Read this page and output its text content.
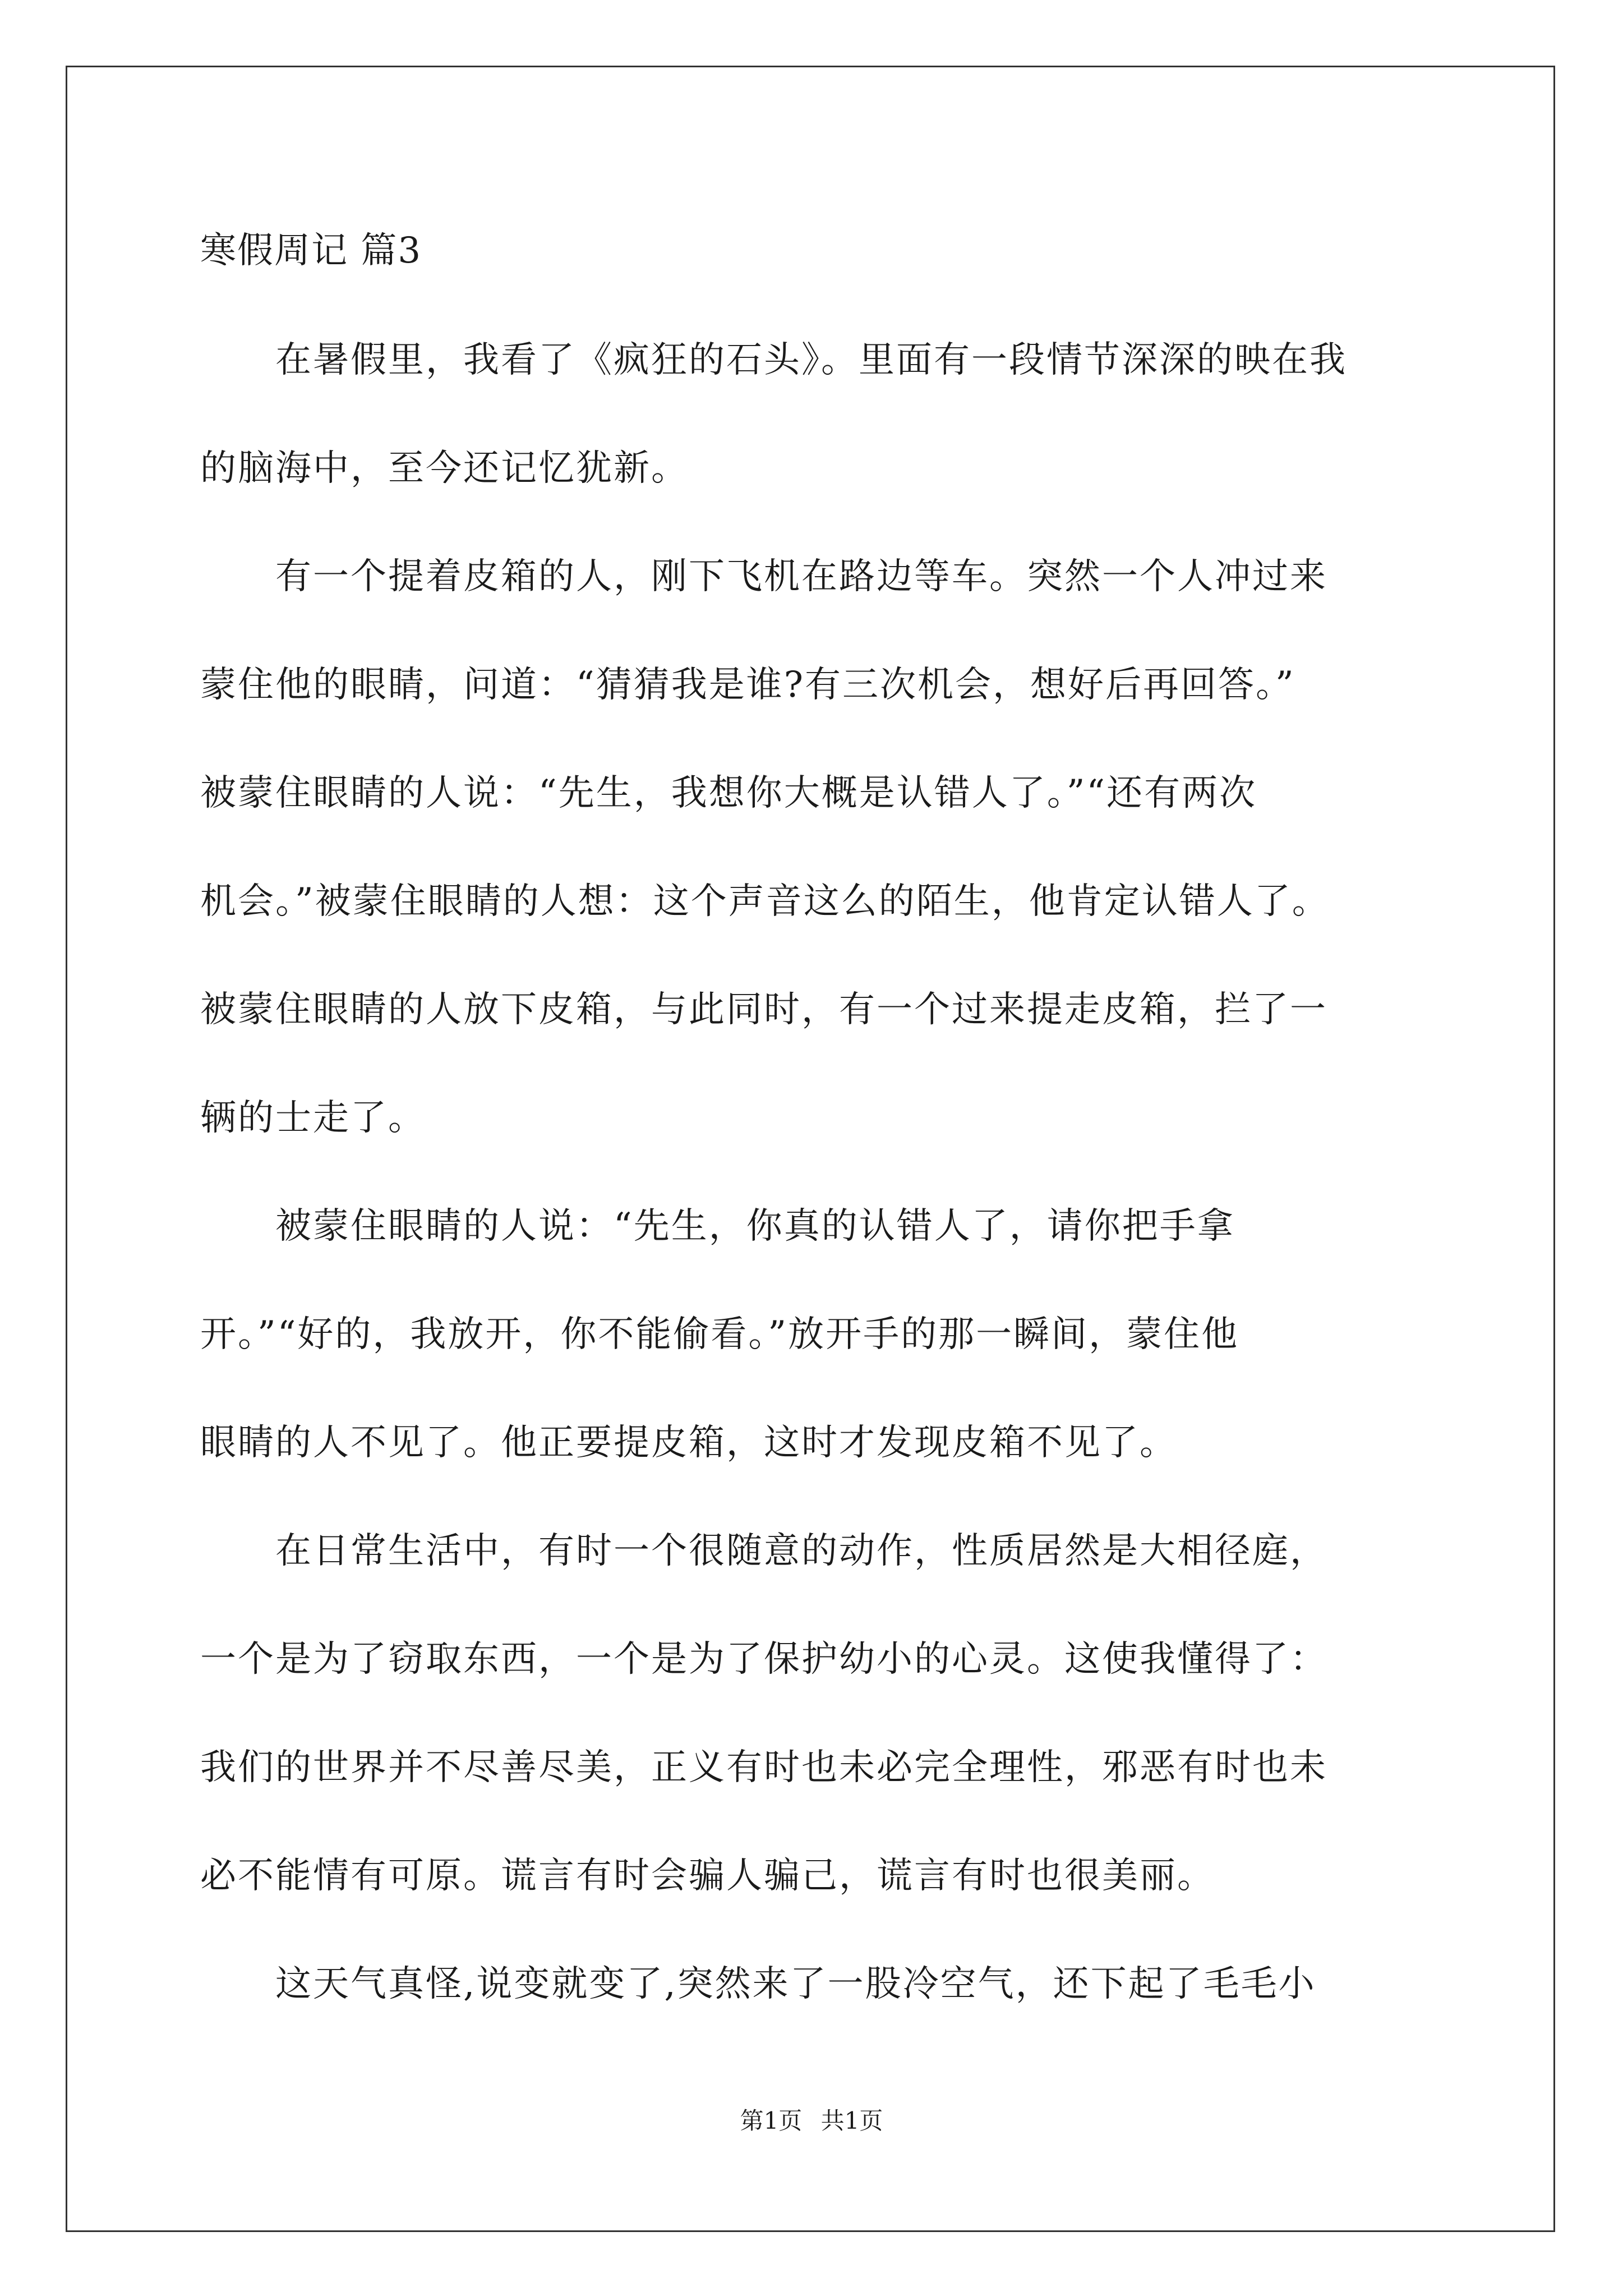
寒假周记 篇3
　　在暑假里，我看了《疯狂的石头》。里面有一段情节深深的映在我
的脑海中，至今还记忆犹新。
　　有一个提着皮箱的人，刚下飞机在路边等车。突然一个人冲过来
蒙住他的眼睛，问道：“猜猜我是谁?有三次机会，想好后再回答。”
被蒙住眼睛的人说：“先生，我想你大概是认错人了。”“还有两次
机会。”被蒙住眼睛的人想：这个声音这么的陌生，他肯定认错人了。
被蒙住眼睛的人放下皮箱，与此同时，有一个过来提走皮箱，拦了一
辆的士走了。
　　被蒙住眼睛的人说：“先生，你真的认错人了，请你把手拿
开。”“好的，我放开，你不能偷看。”放开手的那一瞬间，蒙住他
眼睛的人不见了。他正要提皮箱，这时才发现皮箱不见了。
　　在日常生活中，有时一个很随意的动作，性质居然是大相径庭，
一个是为了窃取东西，一个是为了保护幼小的心灵。这使我懂得了：
我们的世界并不尽善尽美，正义有时也未必完全理性，邪恶有时也未
必不能情有可原。谎言有时会骗人骗己，谎言有时也很美丽。
　　这天气真怪,说变就变了,突然来了一股冷空气，还下起了毛毛小
第1页 共1页
